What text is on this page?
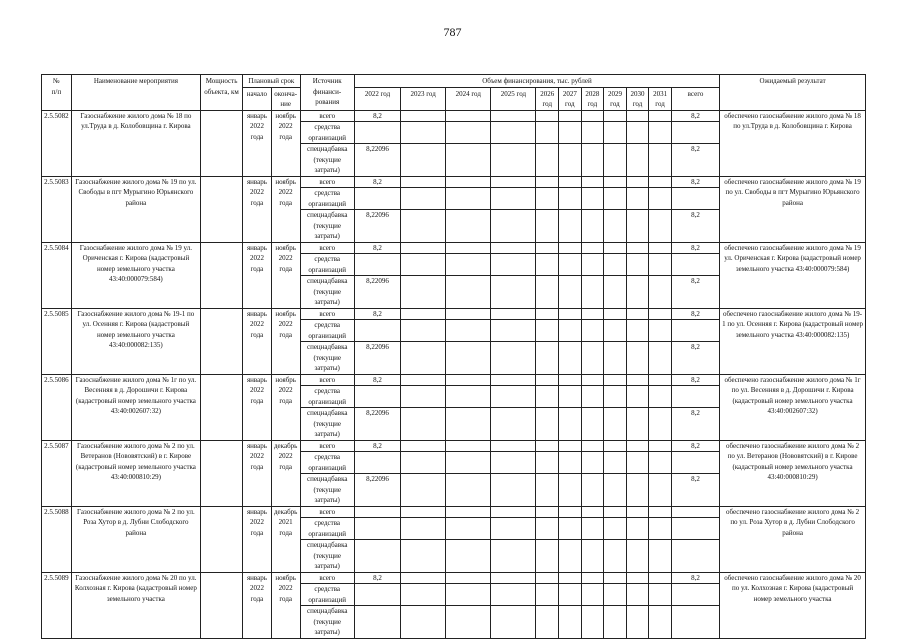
787
№
п/п	Наименование мероприятия	Мощность объекта, км	Плановый срок		Источник финанси-рования	Объем финансирования, тыс. рублей											Ожидаемый результат
			начало	оконча-ние		2022 год	2023 год	2024 год	2025 год	2026 год	2027 год	2028 год	2029 год	2030 год	2031 год	всего	
2.5.5082	Газоснабжение жилого дома № 18 по ул.Труда в д. Колобовщина г. Кирова		январь 2022 года	ноябрь 2022 года	всего	8,2										8,2	обеспечено газоснабжение жилого дома № 18 по ул.Труда в д. Колобовщина г. Кирова
					средства организаций												
					спецнадбавка (текущие затраты)	8,22096										8,2	
2.5.5083	Газоснабжение жилого дома № 19 по ул. Свободы в пгт Мурыгино Юрьянского района		январь 2022 года	ноябрь 2022 года	всего	8,2										8,2	обеспечено газоснабжение жилого дома № 19 по ул. Свободы в пгт Мурыгино Юрьянского района
					средства организаций												
					спецнадбавка (текущие затраты)	8,22096										8,2	
2.5.5084	Газоснабжение жилого дома № 19 ул. Ориченская г. Кирова (кадастровый номер земельного участка 43:40:000079:584)		январь 2022 года	ноябрь 2022 года	всего	8,2										8,2	обеспечено газоснабжение жилого дома № 19 ул. Ориченская г. Кирова (кадастровый номер земельного участка 43:40:000079:584)
					средства организаций												
					спецнадбавка (текущие затраты)	8,22096										8,2	
2.5.5085	Газоснабжение жилого дома № 19-1 по ул. Осенняя г. Кирова (кадастровый номер земельного участка 43:40:000082:135)		январь 2022 года	ноябрь 2022 года	всего	8,2										8,2	обеспечено газоснабжение жилого дома № 19-1 по ул. Осенняя г. Кирова (кадастровый номер земельного участка 43:40:000082:135)
					средства организаций												
					спецнадбавка (текущие затраты)	8,22096										8,2	
2.5.5086	Газоснабжение жилого дома № 1г по ул. Весенняя в д. Дорошичи г. Кирова (кадастровый номер земельного участка 43:40:002607:32)		январь 2022 года	ноябрь 2022 года	всего	8,2										8,2	обеспечено газоснабжение жилого дома № 1г по ул. Весенняя в д. Дорошичи г. Кирова (кадастровый номер земельного участка 43:40:002607:32)
					средства организаций												
					спецнадбавка (текущие затраты)	8,22096										8,2	
2.5.5087	Газоснабжение жилого дома № 2 по ул. Ветеранов (Нововятский) в г. Кирове (кадастровый номер земельного участка 43:40:000810:29)		январь 2022 года	декабрь 2022 года	всего	8,2										8,2	обеспечено газоснабжение жилого дома № 2 по ул. Ветеранов (Нововятский) в г. Кирове (кадастровый номер земельного участка 43:40:000810:29)
					средства организаций												
					спецнадбавка (текущие затраты)	8,22096										8,2	
2.5.5088	Газоснабжение жилого дома № 2 по ул. Роза Хутор в д. Лубни Слободского района		январь 2022 года	декабрь 2021 года	всего												обеспечено газоснабжение жилого дома № 2 по ул. Роза Хутор в д. Лубни Слободского района
					средства организаций												
					спецнадбавка (текущие затраты)												
2.5.5089	Газоснабжение жилого дома № 20 по ул. Колхозная г. Кирова (кадастровый номер земельного участка		январь 2022 года	ноябрь 2022 года	всего	8,2										8,2	обеспечено газоснабжение жилого дома № 20 по ул. Колхозная г. Кирова (кадастровый номер земельного участка
					средства организаций												
					спецнадбавка (текущие затраты)												
